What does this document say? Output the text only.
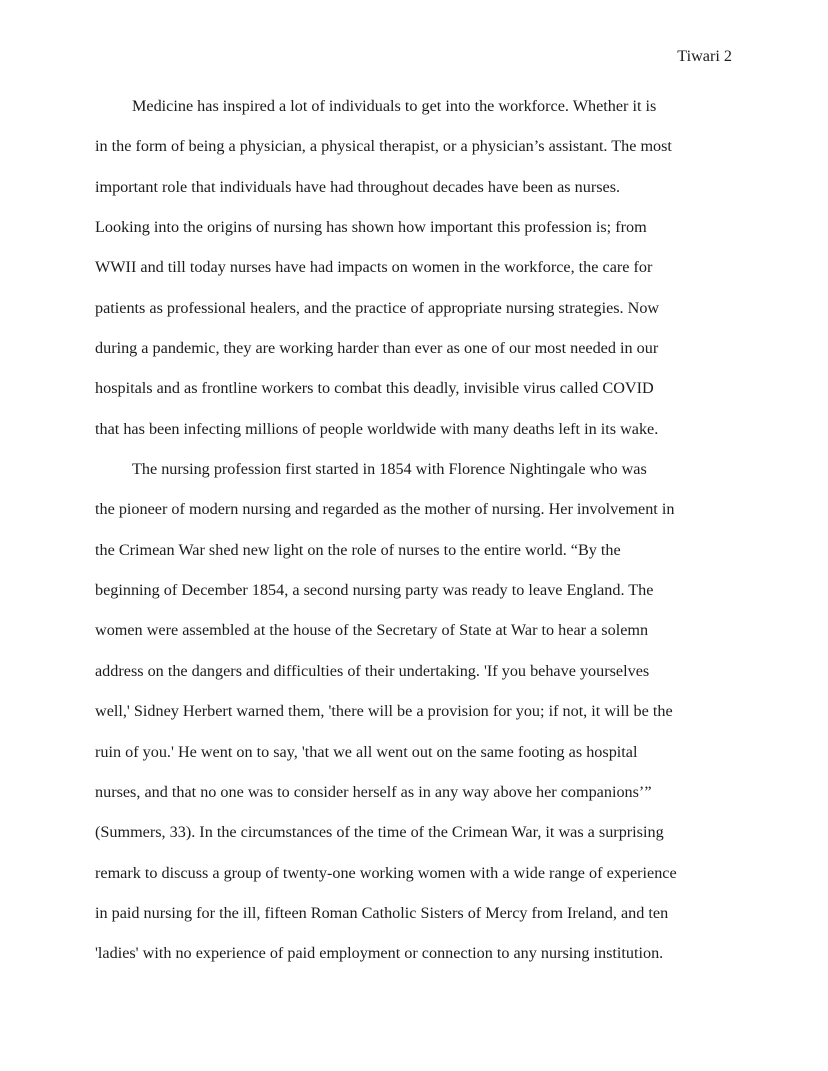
Tiwari 2

Medicine has inspired a lot of individuals to get into the workforce. Whether it is
in the form of being a physician, a physical therapist, or a physician’s assistant. The most
important role that individuals have had throughout decades have been as nurses.
Looking into the origins of nursing has shown how important this profession is; from
WWII and till today nurses have had impacts on women in the workforce, the care for
patients as professional healers, and the practice of appropriate nursing strategies. Now
during a pandemic, they are working harder than ever as one of our most needed in our
hospitals and as frontline workers to combat this deadly, invisible virus called COVID
that has been infecting millions of people worldwide with many deaths left in its wake.

The nursing profession first started in 1854 with Florence Nightingale who was
the pioneer of modern nursing and regarded as the mother of nursing. Her involvement in
the Crimean War shed new light on the role of nurses to the entire world. “By the
beginning of December 1854, a second nursing party was ready to leave England. The
women were assembled at the house of the Secretary of State at War to hear a solemn
address on the dangers and difficulties of their undertaking. 'If you behave yourselves
well,' Sidney Herbert warned them, 'there will be a provision for you; if not, it will be the
ruin of you.' He went on to say, 'that we all went out on the same footing as hospital
nurses, and that no one was to consider herself as in any way above her companions’”
(Summers, 33). In the circumstances of the time of the Crimean War, it was a surprising
remark to discuss a group of twenty-one working women with a wide range of experience
in paid nursing for the ill, fifteen Roman Catholic Sisters of Mercy from Ireland, and ten
'ladies' with no experience of paid employment or connection to any nursing institution.
